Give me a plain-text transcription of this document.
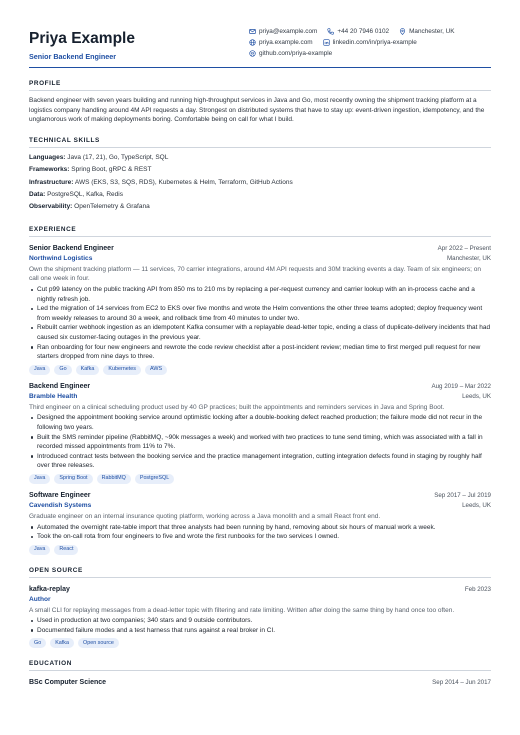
Priya Example
Senior Backend Engineer
priya@example.com	+44 20 7946 0102	Manchester, UK
priya.example.com	linkedin.com/in/priya-example
github.com/priya-example
PROFILE
Backend engineer with seven years building and running high-throughput services in Java and Go, most recently owning the shipment tracking platform at a logistics company handling around 4M API requests a day. Strongest on distributed systems that have to stay up: event-driven ingestion, idempotency, and the unglamorous work of making deployments boring. Comfortable being on call for what I build.
TECHNICAL SKILLS
Languages: Java (17, 21), Go, TypeScript, SQL
Frameworks: Spring Boot, gRPC & REST
Infrastructure: AWS (EKS, S3, SQS, RDS), Kubernetes & Helm, Terraform, GitHub Actions
Data: PostgreSQL, Kafka, Redis
Observability: OpenTelemetry & Grafana
EXPERIENCE
Senior Backend Engineer	Apr 2022 – Present
Northwind Logistics	Manchester, UK
Own the shipment tracking platform — 11 services, 70 carrier integrations, around 4M API requests and 30M tracking events a day. Team of six engineers; on call one week in four.
Cut p99 latency on the public tracking API from 850 ms to 210 ms by replacing a per-request currency and carrier lookup with an in-process cache and a nightly refresh job.
Led the migration of 14 services from EC2 to EKS over five months and wrote the Helm conventions the other three teams adopted; deploy frequency went from weekly releases to around 30 a week, and rollback time from 40 minutes to under two.
Rebuilt carrier webhook ingestion as an idempotent Kafka consumer with a replayable dead-letter topic, ending a class of duplicate-delivery incidents that had caused six customer-facing outages in the previous year.
Ran onboarding for four new engineers and rewrote the code review checklist after a post-incident review; median time to first merged pull request for new starters dropped from nine days to three.
Java	Go	Kafka	Kubernetes	AWS
Backend Engineer	Aug 2019 – Mar 2022
Bramble Health	Leeds, UK
Third engineer on a clinical scheduling product used by 40 GP practices; built the appointments and reminders services in Java and Spring Boot.
Designed the appointment booking service around optimistic locking after a double-booking defect reached production; the failure mode did not recur in the following two years.
Built the SMS reminder pipeline (RabbitMQ, ~90k messages a week) and worked with two practices to tune send timing, which was associated with a fall in recorded missed appointments from 11% to 7%.
Introduced contract tests between the booking service and the practice management integration, cutting integration defects found in staging by roughly half over three releases.
Java	Spring Boot	RabbitMQ	PostgreSQL
Software Engineer	Sep 2017 – Jul 2019
Cavendish Systems	Leeds, UK
Graduate engineer on an internal insurance quoting platform, working across a Java monolith and a small React front end.
Automated the overnight rate-table import that three analysts had been running by hand, removing about six hours of manual work a week.
Took the on-call rota from four engineers to five and wrote the first runbooks for the two services I owned.
Java	React
OPEN SOURCE
kafka-replay	Feb 2023
Author
A small CLI for replaying messages from a dead-letter topic with filtering and rate limiting. Written after doing the same thing by hand once too often.
Used in production at two companies; 340 stars and 9 outside contributors.
Documented failure modes and a test harness that runs against a real broker in CI.
Go	Kafka	Open source
EDUCATION
BSc Computer Science	Sep 2014 – Jun 2017
